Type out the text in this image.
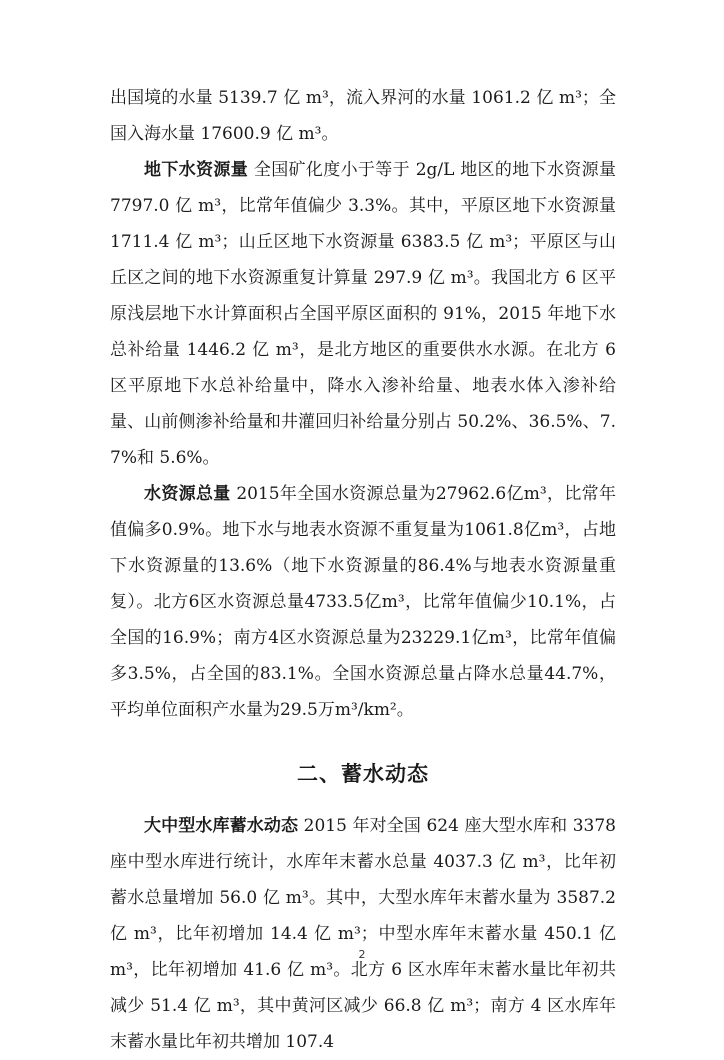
出国境的水量 5139.7 亿 m³，流入界河的水量 1061.2 亿 m³；全国入海水量 17600.9 亿 m³。

地下水资源量 全国矿化度小于等于 2g/L 地区的地下水资源量 7797.0 亿 m³，比常年值偏少 3.3%。其中，平原区地下水资源量 1711.4 亿 m³；山丘区地下水资源量 6383.5 亿 m³；平原区与山丘区之间的地下水资源重复计算量 297.9 亿 m³。我国北方 6 区平原浅层地下水计算面积占全国平原区面积的 91%，2015 年地下水总补给量 1446.2 亿 m³，是北方地区的重要供水水源。在北方 6 区平原地下水总补给量中，降水入渗补给量、地表水体入渗补给量、山前侧渗补给量和井灌回归补给量分别占 50.2%、36.5%、7.7%和 5.6%。

水资源总量 2015年全国水资源总量为27962.6亿m³，比常年值偏多0.9%。地下水与地表水资源不重复量为1061.8亿m³，占地下水资源量的13.6%（地下水资源量的86.4%与地表水资源量重复）。北方6区水资源总量4733.5亿m³，比常年值偏少10.1%，占全国的16.9%；南方4区水资源总量为23229.1亿m³，比常年值偏多3.5%，占全国的83.1%。全国水资源总量占降水总量44.7%，平均单位面积产水量为29.5万m³/km²。

二、蓄水动态

大中型水库蓄水动态 2015 年对全国 624 座大型水库和 3378 座中型水库进行统计，水库年末蓄水总量 4037.3 亿 m³，比年初蓄水总量增加 56.0 亿 m³。其中，大型水库年末蓄水量为 3587.2 亿 m³，比年初增加 14.4 亿 m³；中型水库年末蓄水量 450.1 亿 m³，比年初增加 41.6 亿 m³。北方 6 区水库年末蓄水量比年初共减少 51.4 亿 m³，其中黄河区减少 66.8 亿 m³；南方 4 区水库年末蓄水量比年初共增加 107.4

2
